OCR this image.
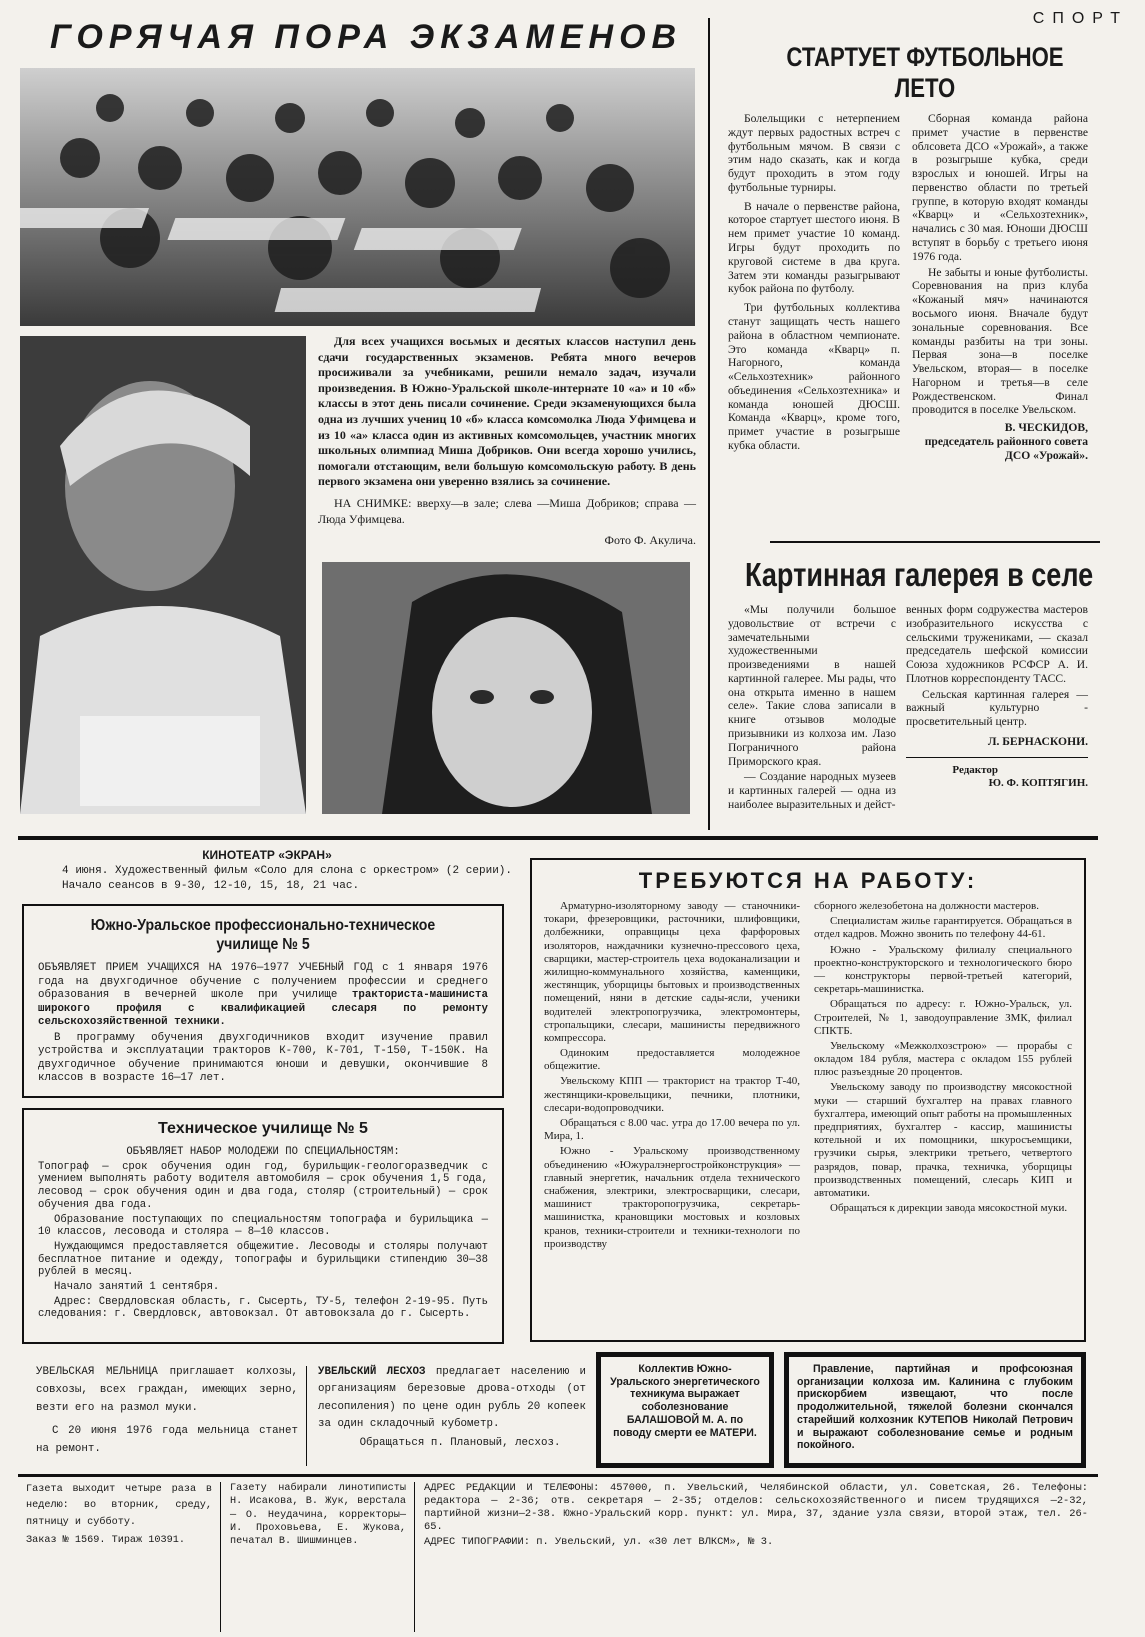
ГОРЯЧАЯ ПОРА ЭКЗАМЕНОВ

Для всех учащихся восьмых и десятых классов наступил день сдачи государственных экзаменов. Ребята много вечеров просиживали за учебниками, решили немало задач, изучали произведения. В Южно-Уральской школе-интернате 10 «а» и 10 «б» классы в этот день писали сочинение. Среди экзаменующихся была одна из лучших учениц 10 «б» класса комсомолка Люда Уфимцева и из 10 «а» класса один из активных комсомольцев, участник многих школьных олимпиад Миша Добриков. Они всегда хорошо учились, помогали отстающим, вели большую комсомольскую работу. В день первого экзамена они уверенно взялись за сочинение.

НА СНИМКЕ: вверху—в зале; слева —Миша Добриков; справа — Люда Уфимцева.

Фото Ф. Акулича.

СПОРТ
СТАРТУЕТ ФУТБОЛЬНОЕ
ЛЕТО

Болельщики с нетерпением ждут первых радостных встреч с футбольным мячом. В связи с этим надо сказать, как и когда будут проходить в этом году футбольные турниры.

В начале о первенстве района, которое стартует шестого июня. В нем примет участие 10 команд. Игры будут проходить по круговой системе в два круга. Затем эти команды разыгрывают кубок района по футболу.

Три футбольных коллектива станут защищать честь нашего района в областном чемпионате. Это команда «Кварц» п. Нагорного, команда «Сельхозтехник» районного объединения «Сельхозтехника» и команда юношей ДЮСШ. Команда «Кварц», кроме того, примет участие в розыгрыше кубка области.

Сборная команда района примет участие в первенстве облсовета ДСО «Урожай», а также в розыгрыше кубка, среди взрослых и юношей. Игры на первенство области по третьей группе, в которую входят команды «Кварц» и «Сельхозтехник», начались с 30 мая. Юноши ДЮСШ вступят в борьбу с третьего июня 1976 года.

Не забыты и юные футболисты. Соревнования на приз клуба «Кожаный мяч» начинаются восьмого июня. Вначале будут зональные соревнования. Все команды разбиты на три зоны. Первая зона—в поселке Увельском, вторая— в поселке Нагорном и третья—в селе Рождественском. Финал проводится в поселке Увельском.

В. ЧЕСКИДОВ,
председатель районного совета ДСО «Урожай».
Картинная галерея в селе

«Мы получили большое удовольствие от встречи с замечательными художественными произведениями в нашей картинной галерее. Мы рады, что она открыта именно в нашем селе». Такие слова записали в книге отзывов молодые призывники из колхоза им. Лазо Пограничного района Приморского края.

— Создание народных музеев и картинных галерей — одна из наиболее выразительных и дейст-

венных форм содружества мастеров изобразительного искусства с сельскими тружениками, — сказал председатель шефской комиссии Союза художников РСФСР А. И. Плотнов корреспонденту ТАСС.

Сельская картинная галерея — важный культурно - просветительный центр.

Л. БЕРНАСКОНИ.
Редактор
Ю. Ф. КОПТЯГИН.
КИНОТЕАТР «ЭКРАН»

4 июня. Художественный фильм «Соло для слона с оркестром» (2 серии). Начало сеансов в 9-30, 12-10, 15, 18, 21 час.

Южно-Уральское профессионально-техническое
училище № 5

ОБЪЯВЛЯЕТ ПРИЕМ УЧАЩИХСЯ НА 1976—1977 УЧЕБНЫЙ ГОД с 1 января 1976 года на двухгодичное обучение с получением профессии и среднего образования в вечерней школе при училище тракториста-машиниста широкого профиля с квалификацией слесаря по ремонту сельскохозяйственной техники.

В программу обучения двухгодичников входит изучение правил устройства и эксплуатации тракторов К-700, К-701, Т-150, Т-150К. На двухгодичное обучение принимаются юноши и девушки, окончившие 8 классов в возрасте 16—17 лет.

Техническое училище № 5

ОБЪЯВЛЯЕТ НАБОР МОЛОДЕЖИ ПО СПЕЦИАЛЬНОСТЯМ:

Топограф — срок обучения один год, бурильщик-геологоразведчик с умением выполнять работу водителя автомобиля — срок обучения 1,5 года, лесовод — срок обучения один и два года, столяр (строительный) — срок обучения два года.

Образование поступающих по специальностям топографа и бурильщика — 10 классов, лесовода и столяра — 8—10 классов.

Нуждающимся предоставляется общежитие. Лесоводы и столяры получают бесплатное питание и одежду, топографы и бурильщики стипендию 30—38 рублей в месяц.

Начало занятий 1 сентября.

Адрес: Свердловская область, г. Сысерть, ТУ-5, телефон 2-19-95. Путь следования: г. Свердловск, автовокзал. От автовокзала до г. Сысерть.

ТРЕБУЮТСЯ НА РАБОТУ:

Арматурно-изоляторному заводу — станочники-токари, фрезеровщики, расточники, шлифовщики, долбежники, оправщицы цеха фарфоровых изоляторов, наждачники кузнечно-прессового цеха, сварщики, мастер-строитель цеха водоканализации и жилищно-коммунального хозяйства, каменщики, жестянщик, уборщицы бытовых и производственных помещений, няни в детские сады-ясли, ученики водителей электропогрузчика, электромонтеры, стропальщики, слесари, машинисты передвижного компрессора.

Одиноким предоставляется молодежное общежитие.

Увельскому КПП — тракторист на трактор Т-40, жестянщики-кровельщики, печники, плотники, слесари-водопроводчики.

Обращаться с 8.00 час. утра до 17.00 вечера по ул. Мира, 1.

Южно - Уральскому производственному объединению «Южуралэнергостройконструкция» — главный энергетик, начальник отдела технического снабжения, электрики, электросварщики, слесари, машинист трактoропогрузчика, секретарь-машинистка, крановщики мостовых и козловых кранов, техники-строители и техники-технологи по производству

сборного железобетона на должности мастеров.

Специалистам жилье гарантируется. Обращаться в отдел кадров. Можно звонить по телефону 44-61.

Южно - Уральскому филиалу специального проектно-конструкторского и технологического бюро — конструкторы первой-третьей категорий, секретарь-машинистка.

Обращаться по адресу: г. Южно-Уральск, ул. Строителей, № 1, заводоуправление ЗМК, филиал СПКТБ.

Увельскому «Межколхозстрою» — прорабы с окладом 184 рубля, мастера с окладом 155 рублей плюс разъездные 20 процентов.

Увельскому заводу по производству мясокостной муки — старший бухгалтер на правах главного бухгалтера, имеющий опыт работы на промышленных предприятиях, бухгалтер - кассир, машинисты котельной и их помощники, шкуросъемщики, грузчики сырья, электрики третьего, четвертого разрядов, повар, прачка, техничка, уборщицы производственных помещений, слесарь КИП и автоматики.

Обращаться к дирекции завода мясокостной муки.

УВЕЛЬСКАЯ МЕЛЬНИЦА приглашает колхозы, совхозы, всех граждан, имеющих зерно, везти его на размол муки.

С 20 июня 1976 года мельница станет на ремонт.

УВЕЛЬСКИЙ ЛЕСХОЗ предлагает населению и организациям березовые дрова-отходы (от лесопиления) по цене один рубль 20 копеек за один складочный кубометр.

Обращаться п. Плановый, лесхоз.

Коллектив Южно-Уральского энергетического техникума выражает соболезнование БАЛАШОВОЙ М. А. по поводу смерти ее МАТЕРИ.

Правление, партийная и профсоюзная организации колхоза им. Калинина с глубоким прискорбием извещают, что после продолжительной, тяжелой болезни скончался старейший колхозник КУТЕПОВ Николай Петрович и выражают соболезнование семье и родным покойного.

Газета выходит четыре раза в неделю: во вторник, среду, пятницу и субботу.

Заказ № 1569. Тираж 10391.

Газету набирали линотиписты Н. Исакова, В. Жук, верстала — О. Неудачина, корректоры—И. Проховьева, Е. Жукова, печатал В. Шишминцев.

АДРЕС РЕДАКЦИИ И ТЕЛЕФОНЫ: 457000, п. Увельский, Челябинской области, ул. Советская, 26. Телефоны: редактора — 2-36; отв. секретаря — 2-35; отделов: сельскохозяйственного и писем трудящихся —2-32, партийной жизни—2-38. Южно-Уральский корр. пункт: ул. Мира, 37, здание узла связи, второй этаж, тел. 26-65.

АДРЕС ТИПОГРАФИИ: п. Увельский, ул. «30 лет ВЛКСМ», № 3.
